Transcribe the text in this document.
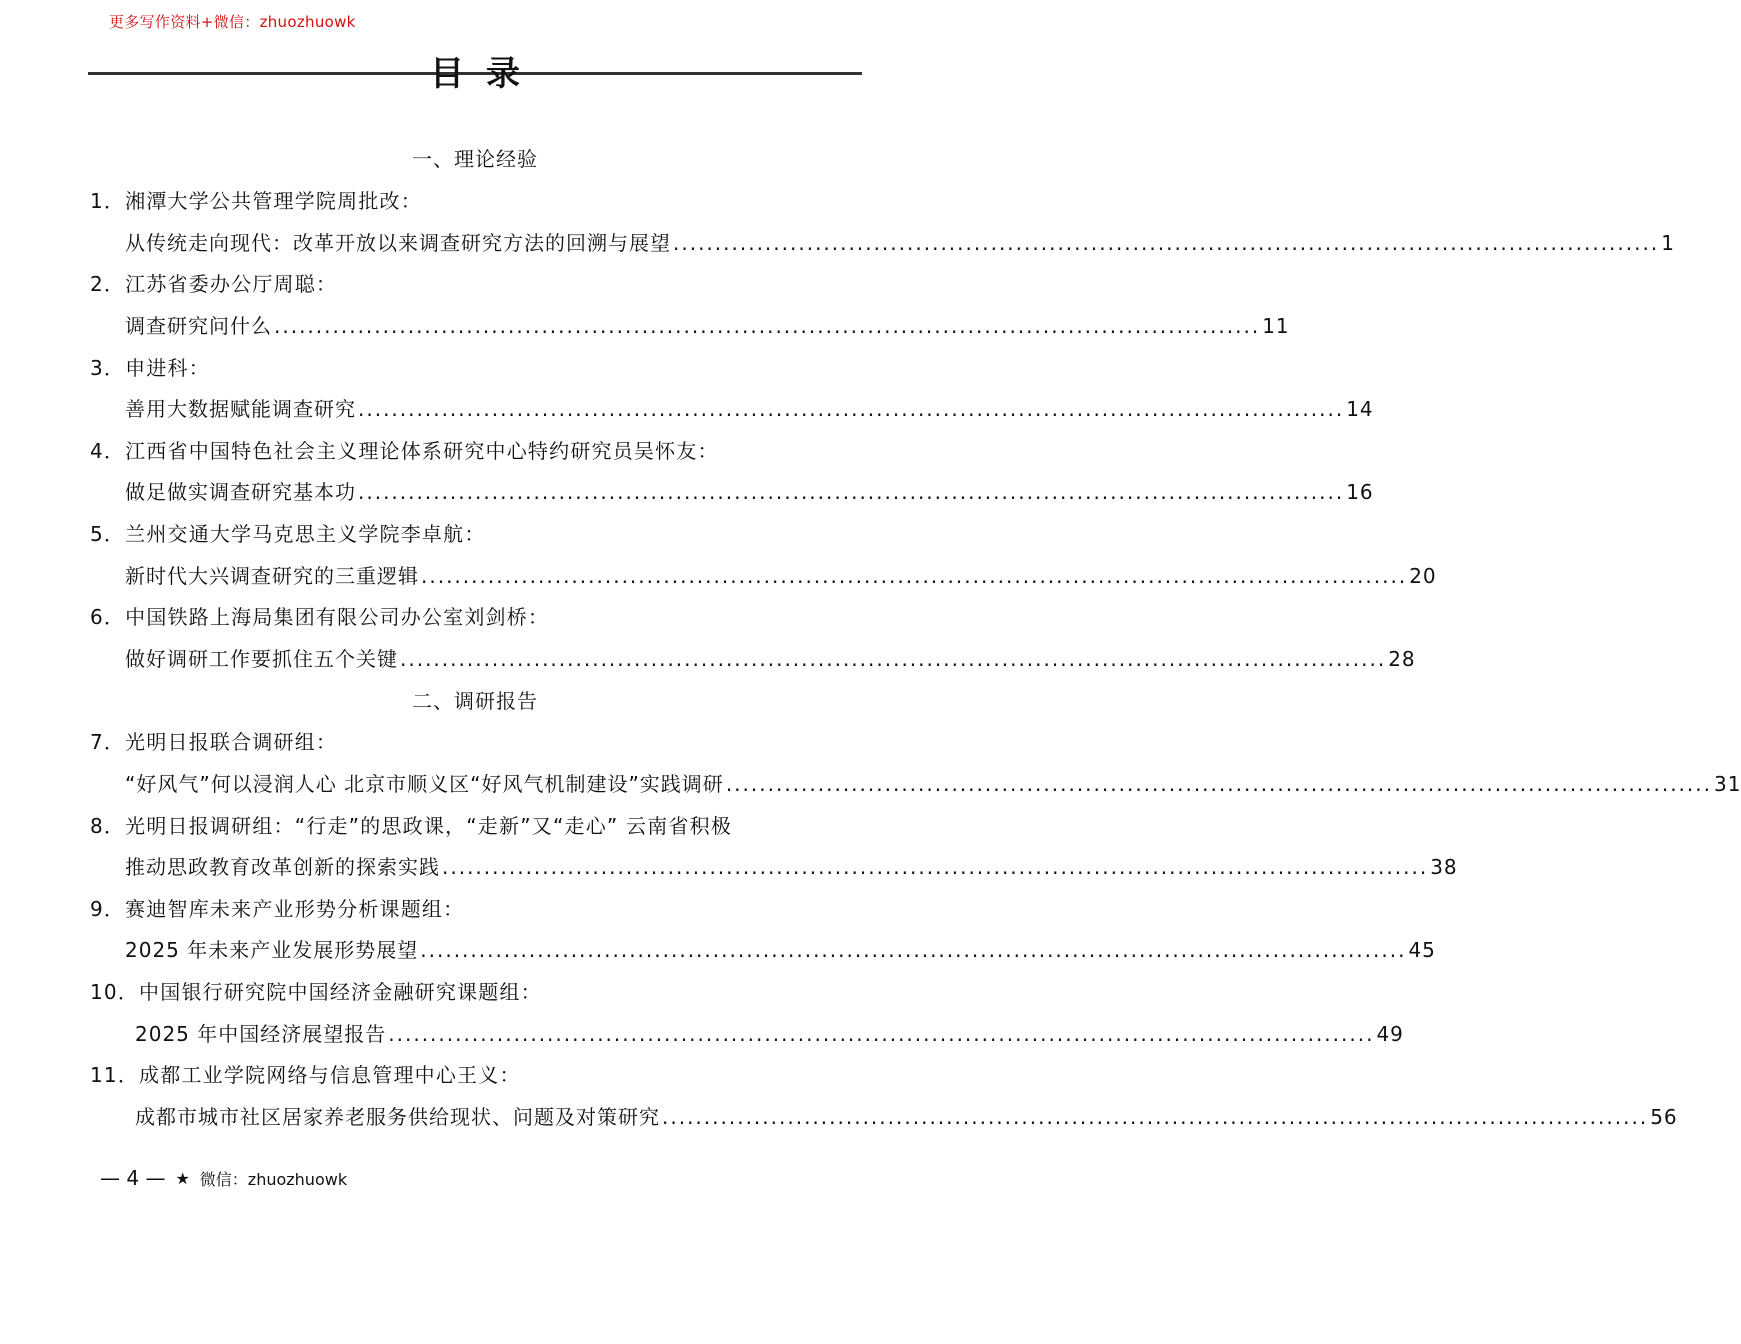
更多写作资料+微信：zhuozhuowk
目录
一、理论经验
1．湘潭大学公共管理学院周批改：
从传统走向现代：改革开放以来调查研究方法的回溯与展望 ...................................................................................................................... 1
2．江苏省委办公厅周聪：
调查研究问什么 ...................................................................................................................... 11
3．申进科：
善用大数据赋能调查研究 ...................................................................................................................... 14
4．江西省中国特色社会主义理论体系研究中心特约研究员吴怀友：
做足做实调查研究基本功 ...................................................................................................................... 16
5．兰州交通大学马克思主义学院李卓航：
新时代大兴调查研究的三重逻辑 ...................................................................................................................... 20
6．中国铁路上海局集团有限公司办公室刘剑桥：
做好调研工作要抓住五个关键 ...................................................................................................................... 28
二、调研报告
7．光明日报联合调研组：
“好风气”何以浸润人心 北京市顺义区“好风气机制建设”实践调研 ...................................................................................................................... 31
8．光明日报调研组：“行走”的思政课，“走新”又“走心” 云南省积极
推动思政教育改革创新的探索实践 ...................................................................................................................... 38
9．赛迪智库未来产业形势分析课题组：
2025 年未来产业发展形势展望 ...................................................................................................................... 45
10．中国银行研究院中国经济金融研究课题组：
2025 年中国经济展望报告 ...................................................................................................................... 49
11．成都工业学院网络与信息管理中心王义：
成都市城市社区居家养老服务供给现状、问题及对策研究 ...................................................................................................................... 56
— 4 — ★ 微信：zhuozhuowk
